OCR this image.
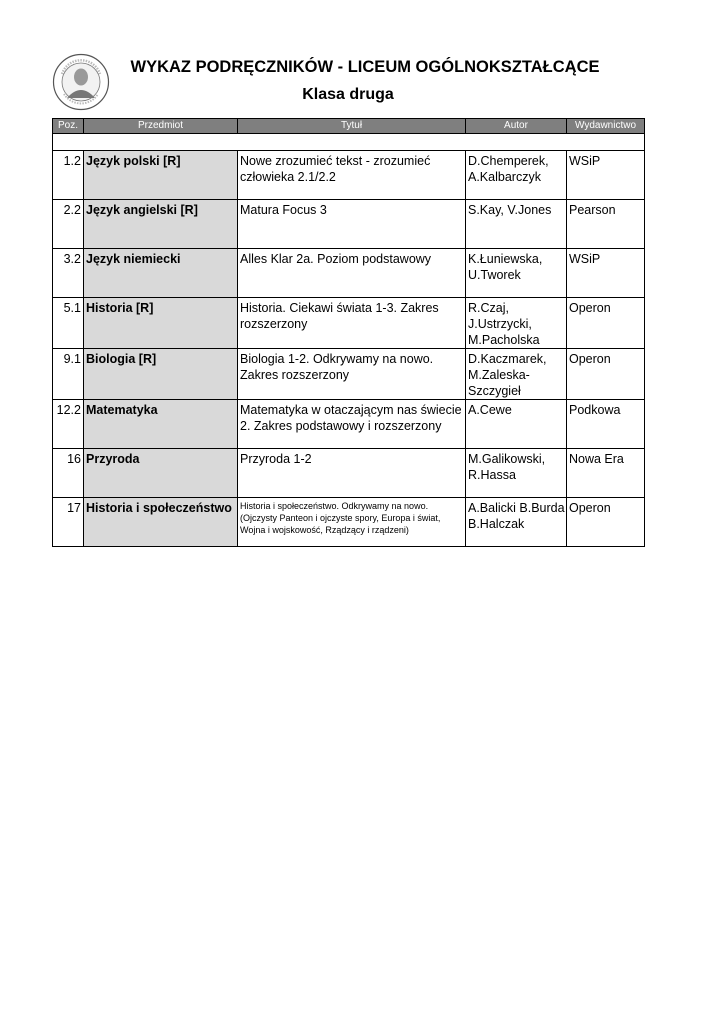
WYKAZ PODRĘCZNIKÓW - LICEUM OGÓLNOKSZTAŁCĄCE
Klasa druga
Poz.	Przedmiot	Tytuł	Autor	Wydawnictwo

1.2	Język polski [R]	Nowe zrozumieć tekst - zrozumieć człowieka 2.1/2.2	D.Chemperek, A.Kalbarczyk	WSiP
2.2	Język angielski [R]	Matura Focus 3	S.Kay, V.Jones	Pearson
3.2	Język niemiecki	Alles Klar 2a. Poziom podstawowy	K.Łuniewska, U.Tworek	WSiP
5.1	Historia [R]	Historia. Ciekawi świata 1-3. Zakres rozszerzony	R.Czaj, J.Ustrzycki, M.Pacholska	Operon
9.1	Biologia [R]	Biologia 1-2. Odkrywamy na nowo. Zakres rozszerzony	D.Kaczmarek, M.Zaleska-Szczygieł	Operon
12.2	Matematyka	Matematyka w otaczającym nas świecie 2. Zakres podstawowy i rozszerzony	A.Cewe	Podkowa
16	Przyroda	Przyroda 1-2	M.Galikowski, R.Hassa	Nowa Era
17	Historia i społeczeństwo	Historia i społeczeństwo. Odkrywamy na nowo. (Ojczysty Panteon i ojczyste spory, Europa i świat, Wojna i wojskowość, Rządzący i rządzeni)	A.Balicki B.Burda B.Halczak	Operon
